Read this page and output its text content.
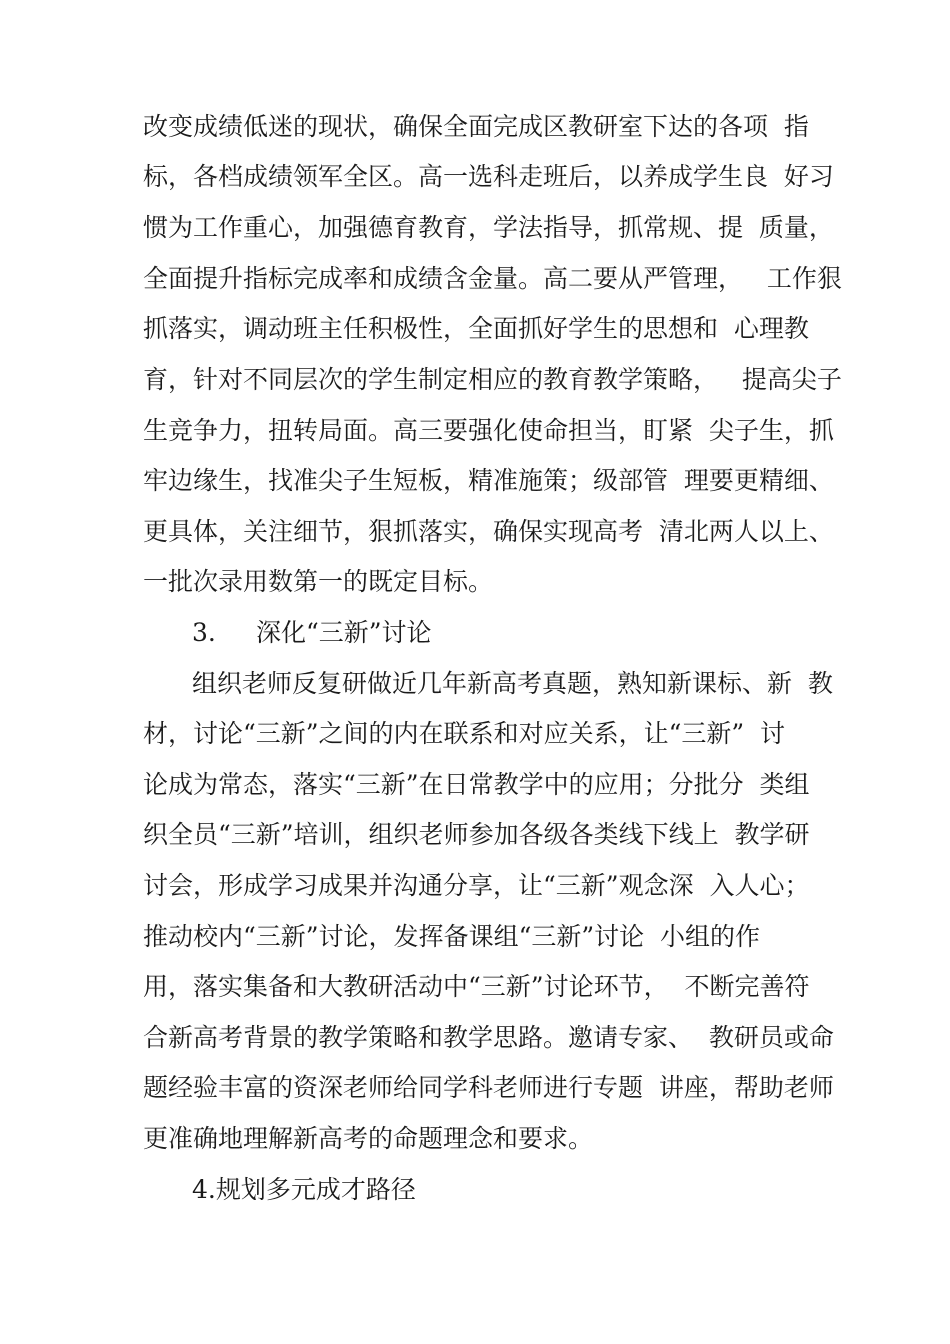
改变成绩低迷的现状，确保全面完成区教研室下达的各项  指
标，各档成绩领军全区。高一选科走班后，以养成学生良  好习
惯为工作重心，加强德育教育，学法指导，抓常规、提  质量，
全面提升指标完成率和成绩含金量。高二要从严管理，   工作狠
抓落实，调动班主任积极性，全面抓好学生的思想和  心理教
育，针对不同层次的学生制定相应的教育教学策略，   提高尖子
生竞争力，扭转局面。高三要强化使命担当，盯紧  尖子生，抓
牢边缘生，找准尖子生短板，精准施策；级部管  理要更精细、
更具体，关注细节，狠抓落实，确保实现高考  清北两人以上、
一批次录用数第一的既定目标。
3.	深化“三新”讨论
组织老师反复研做近几年新高考真题，熟知新课标、新  教
材，讨论“三新”之间的内在联系和对应关系，让“三新”  讨
论成为常态，落实“三新”在日常教学中的应用；分批分  类组
织全员“三新”培训，组织老师参加各级各类线下线上  教学研
讨会，形成学习成果并沟通分享，让“三新”观念深  入人心；
推动校内“三新”讨论，发挥备课组“三新”讨论  小组的作
用，落实集备和大教研活动中“三新”讨论环节，  不断完善符
合新高考背景的教学策略和教学思路。邀请专家、  教研员或命
题经验丰富的资深老师给同学科老师进行专题  讲座，帮助老师
更准确地理解新高考的命题理念和要求。
4.规划多元成才路径
